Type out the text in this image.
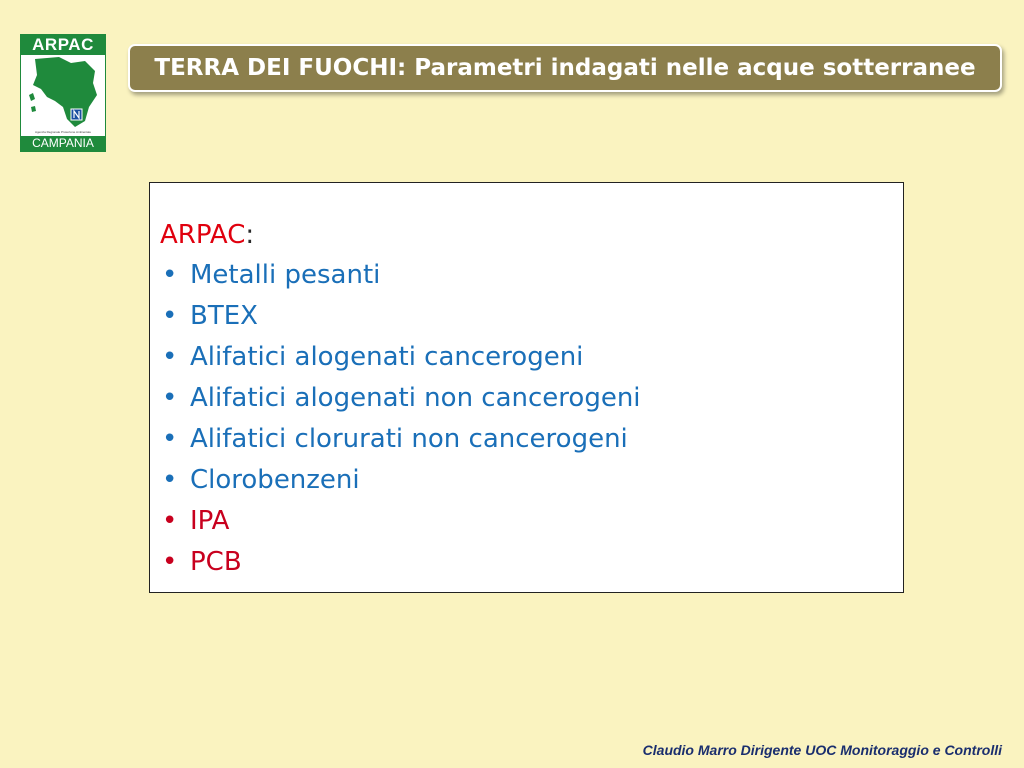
ARPAC
Agenzia Regionale Protezione Ambientale
CAMPANIA
TERRA DEI FUOCHI: Parametri indagati nelle acque sotterranee
ARPAC:
• Metalli pesanti
• BTEX
• Alifatici alogenati cancerogeni
• Alifatici alogenati non cancerogeni
• Alifatici clorurati non cancerogeni
• Clorobenzeni
• IPA
• PCB
Claudio Marro Dirigente UOC Monitoraggio e Controlli
